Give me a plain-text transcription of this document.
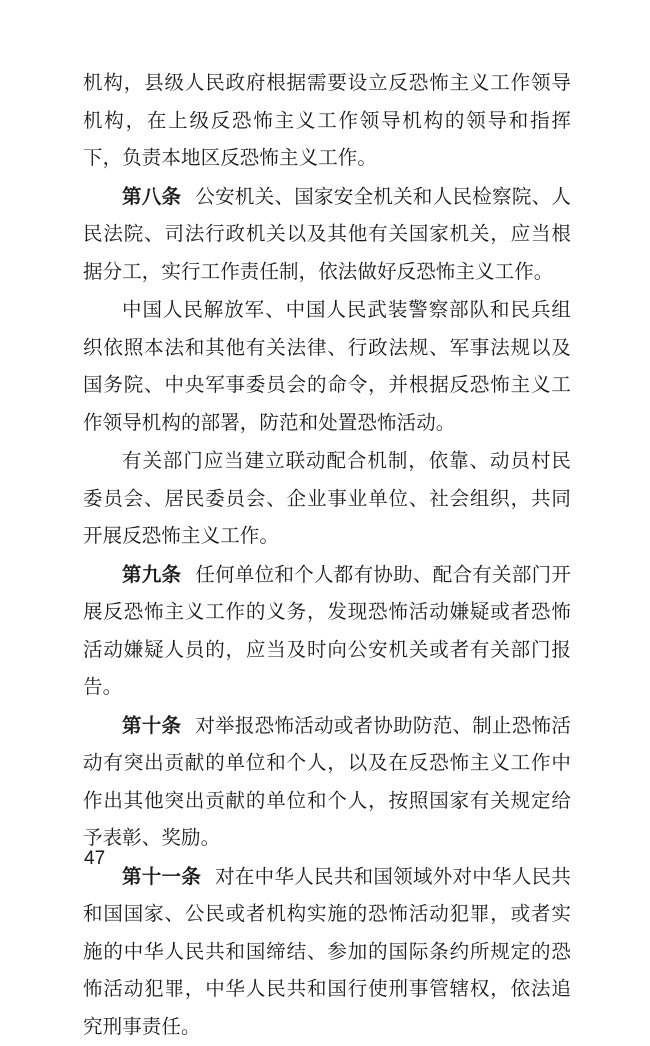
机构，县级人民政府根据需要设立反恐怖主义工作领导机构，在上级反恐怖主义工作领导机构的领导和指挥下，负责本地区反恐怖主义工作。

第八条 公安机关、国家安全机关和人民检察院、人民法院、司法行政机关以及其他有关国家机关，应当根据分工，实行工作责任制，依法做好反恐怖主义工作。

中国人民解放军、中国人民武装警察部队和民兵组织依照本法和其他有关法律、行政法规、军事法规以及国务院、中央军事委员会的命令，并根据反恐怖主义工作领导机构的部署，防范和处置恐怖活动。

有关部门应当建立联动配合机制，依靠、动员村民委员会、居民委员会、企业事业单位、社会组织，共同开展反恐怖主义工作。

第九条 任何单位和个人都有协助、配合有关部门开展反恐怖主义工作的义务，发现恐怖活动嫌疑或者恐怖活动嫌疑人员的，应当及时向公安机关或者有关部门报告。

第十条 对举报恐怖活动或者协助防范、制止恐怖活动有突出贡献的单位和个人，以及在反恐怖主义工作中作出其他突出贡献的单位和个人，按照国家有关规定给予表彰、奖励。

第十一条 对在中华人民共和国领域外对中华人民共和国国家、公民或者机构实施的恐怖活动犯罪，或者实施的中华人民共和国缔结、参加的国际条约所规定的恐怖活动犯罪，中华人民共和国行使刑事管辖权，依法追究刑事责任。

47
